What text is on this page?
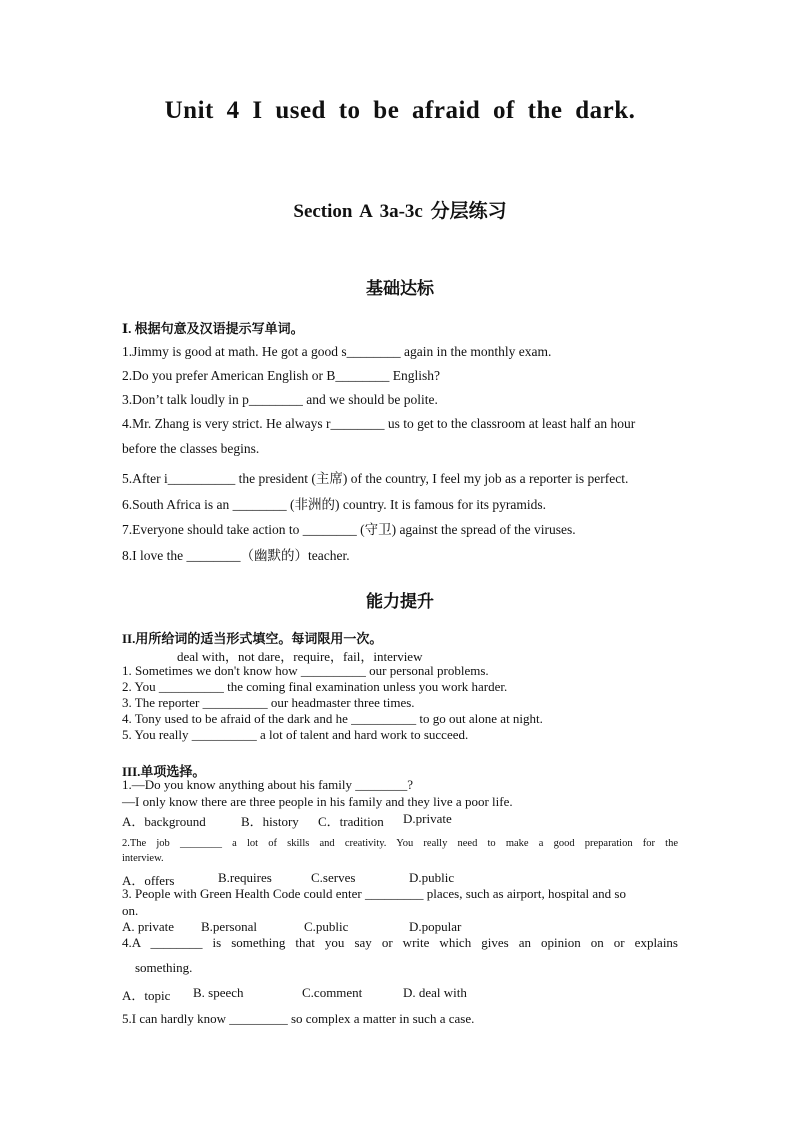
Unit 4 I used to be afraid of the dark.
Section A 3a-3c 分层练习
基础达标
Ⅰ. 根据句意及汉语提示写单词。
1.Jimmy is good at math. He got a good s________ again in the monthly exam.
2.Do you prefer American English or B________ English?
3.Don’t talk loudly in p________ and we should be polite.
4.Mr. Zhang is very strict. He always r________ us to get to the classroom at least half an hour
before the classes begins.
5.After i__________ the president (主席) of the country, I feel my job as a reporter is perfect.
6.South Africa is an ________ (非洲的) country. It is famous for its pyramids.
7.Everyone should take action to ________ (守卫) against the spread of the viruses.
8.I love the ________（幽默的）teacher.
能力提升
II.用所给词的适当形式填空。每词限用一次。
deal with，not dare，require，fail，interview
1. Sometimes we don't know how __________ our personal problems.
2. You __________ the coming final examination unless you work harder.
3. The reporter __________ our headmaster three times.
4. Tony used to be afraid of the dark and he __________ to go out alone at night.
5. You really __________ a lot of talent and hard work to succeed.
III.单项选择。
1.—Do you know anything about his family ________?
—I only know there are three people in his family and they live a poor life.
A．background	B．history C．tradition D.private
2.The job ________ a lot of skills and creativity. You really need to make a good preparation for the
interview.
A．offers	B.requires	C.serves	D.public
3. People with Green Health Code could enter _________ places, such as airport, hospital and so
on.
A. private B.personal	C.public	D.popular
4.A ________ is something that you say or write which gives an opinion on or explains
something.
A．topic B. speech	C.comment	D. deal with
5.I can hardly know _________ so complex a matter in such a case.
